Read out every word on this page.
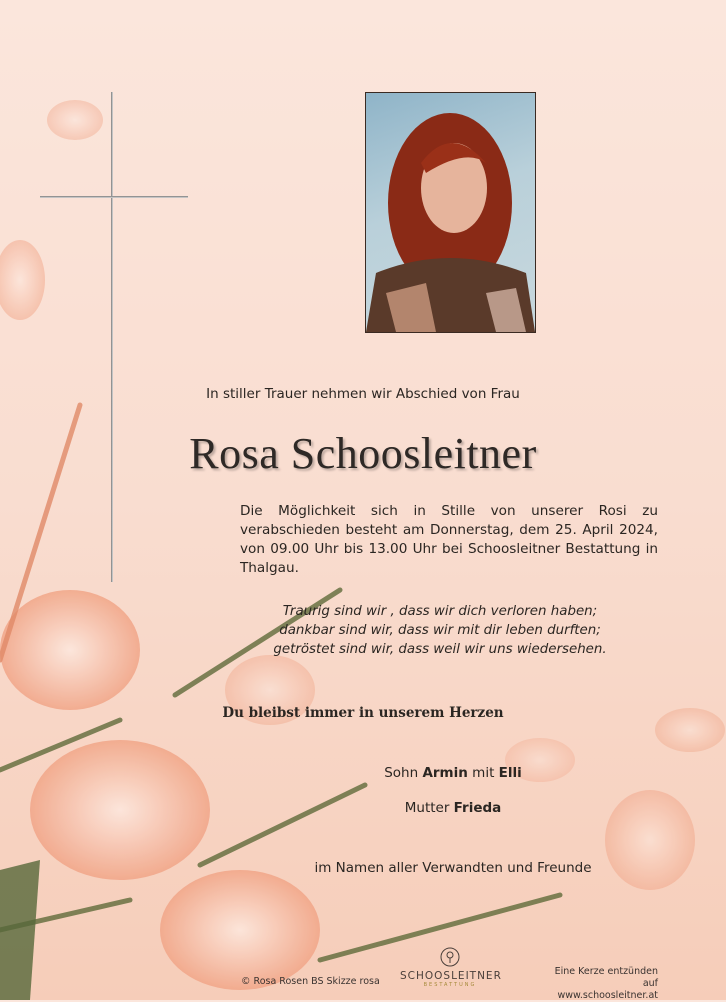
In stiller Trauer nehmen wir Abschied von Frau
Rosa Schoosleitner
Die Möglichkeit sich in Stille von unserer Rosi zu verabschieden besteht am Donnerstag, dem 25. April 2024, von 09.00 Uhr bis 13.00 Uhr bei Schoosleitner Bestattung in Thalgau.
Traurig sind wir , dass wir dich verloren haben;
dankbar sind wir, dass wir mit dir leben durften;
getröstet sind wir, dass weil wir uns wiedersehen.
Du bleibst immer in unserem Herzen
Sohn Armin mit Elli
Mutter Frieda
im Namen aller Verwandten und Freunde
© Rosa Rosen BS Skizze rosa SCHOOSLEITNER
BESTATTUNG
Eine Kerze entzünden
auf www.schoosleitner.at
